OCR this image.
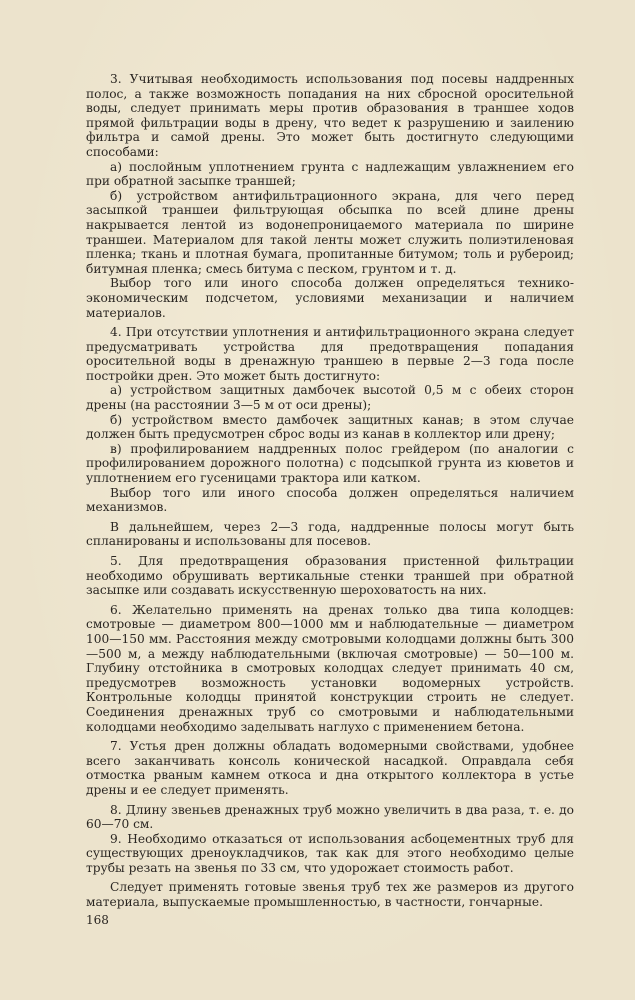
3. Учитывая необходимость использования под посевы наддренных полос, а также возможность попадания на них сбросной оросительной воды, следует принимать меры против образования в траншее ходов прямой фильтрации воды в дрену, что ведет к разрушению и заилению фильтра и самой дрены. Это может быть достигнуто следующими способами:

а) послойным уплотнением грунта с надлежащим увлажнением его при обратной засыпке траншей;

б) устройством антифильтрационного экрана, для чего перед засыпкой траншеи фильтрующая обсыпка по всей длине дрены накрывается лентой из водонепроницаемого материала по ширине траншеи. Материалом для такой ленты может служить полиэтиленовая пленка; ткань и плотная бумага, пропитанные битумом; толь и рубероид; битумная пленка; смесь битума с песком, грунтом и т. д.

Выбор того или иного способа должен определяться технико-экономическим подсчетом, условиями механизации и наличием материалов.

4. При отсутствии уплотнения и антифильтрационного экрана следует предусматривать устройства для предотвращения попадания оросительной воды в дренажную траншею в первые 2—3 года после постройки дрен. Это может быть достигнуто:

а) устройством защитных дамбочек высотой 0,5 м с обеих сторон дрены (на расстоянии 3—5 м от оси дрены);

б) устройством вместо дамбочек защитных канав; в этом случае должен быть предусмотрен сброс воды из канав в коллектор или дрену;

в) профилированием наддренных полос грейдером (по аналогии с профилированием дорожного полотна) с подсыпкой грунта из кюветов и уплотнением его гусеницами трактора или катком.

Выбор того или иного способа должен определяться наличием механизмов.

В дальнейшем, через 2—3 года, наддренные полосы могут быть спланированы и использованы для посевов.

5. Для предотвращения образования пристенной фильтрации необходимо обрушивать вертикальные стенки траншей при обратной засыпке или создавать искусственную шероховатость на них.

6. Желательно применять на дренах только два типа колодцев: смотровые — диаметром 800—1000 мм и наблюдательные — диаметром 100—150 мм. Расстояния между смотровыми колодцами должны быть 300—500 м, а между наблюдательными (включая смотровые) — 50—100 м. Глубину отстойника в смотровых колодцах следует принимать 40 см, предусмотрев возможность установки водомерных устройств. Контрольные колодцы принятой конструкции строить не следует. Соединения дренажных труб со смотровыми и наблюдательными колодцами необходимо заделывать наглухо с применением бетона.

7. Устья дрен должны обладать водомерными свойствами, удобнее всего заканчивать консоль конической насадкой. Оправдала себя отмостка рваным камнем откоса и дна открытого коллектора в устье дрены и ее следует применять.

8. Длину звеньев дренажных труб можно увеличить в два раза, т. е. до 60—70 см.

9. Необходимо отказаться от использования асбоцементных труб для существующих дреноукладчиков, так как для этого необходимо целые трубы резать на звенья по 33 см, что удорожает стоимость работ.

Следует применять готовые звенья труб тех же размеров из другого материала, выпускаемые промышленностью, в частности, гончарные.

168
